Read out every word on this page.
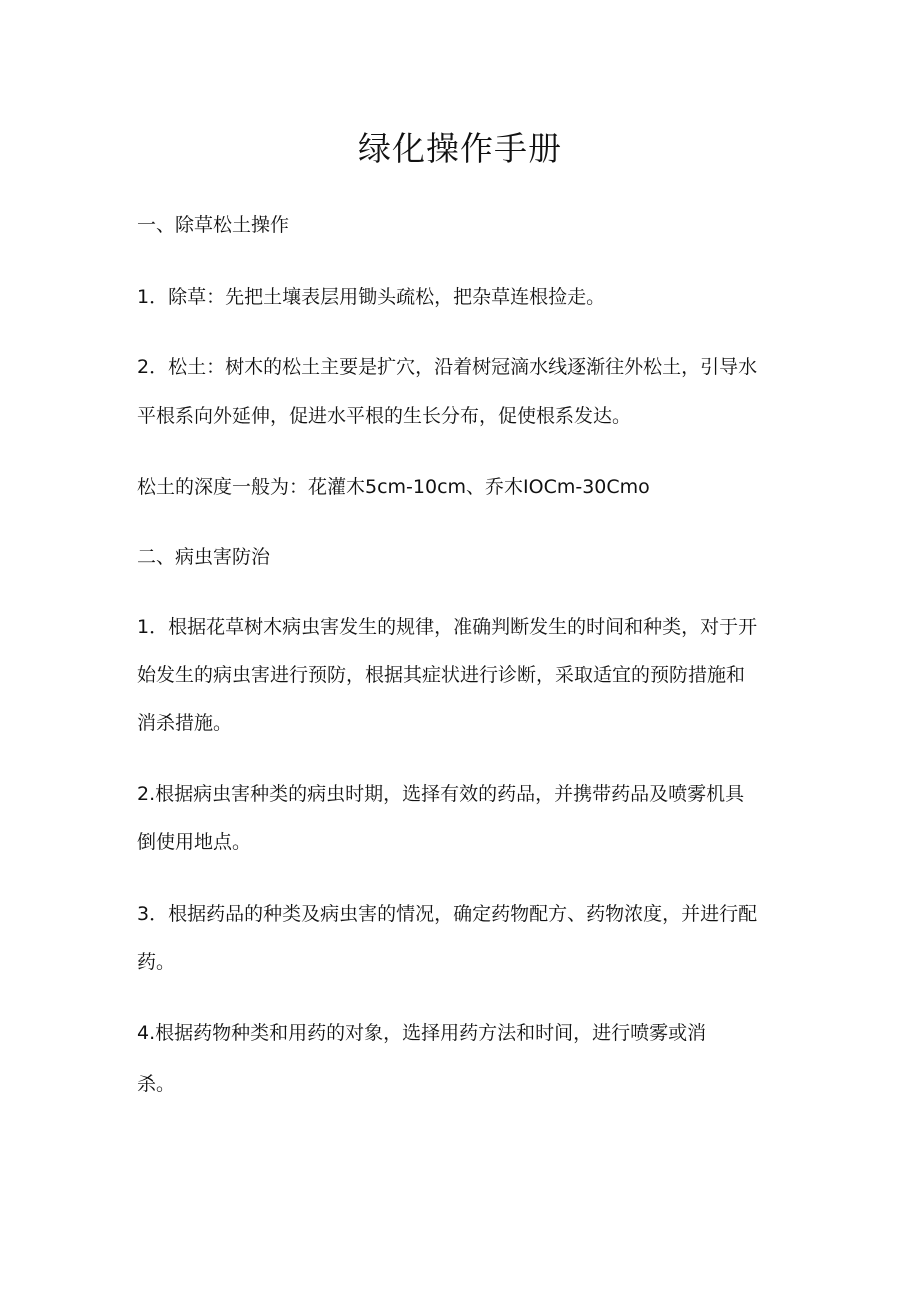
绿化操作手册
一、除草松土操作
1．除草：先把土壤表层用锄头疏松，把杂草连根捡走。
2．松土：树木的松土主要是扩穴，沿着树冠滴水线逐渐往外松土，引导水
平根系向外延伸，促进水平根的生长分布，促使根系发达。
松土的深度一般为：花灌木5cm-10cm、乔木IOCm-30Cmo
二、病虫害防治
1．根据花草树木病虫害发生的规律，准确判断发生的时间和种类，对于开
始发生的病虫害进行预防，根据其症状进行诊断，采取适宜的预防措施和
消杀措施。
2.根据病虫害种类的病虫时期，选择有效的药品，并携带药品及喷雾机具
倒使用地点。
3．根据药品的种类及病虫害的情况，确定药物配方、药物浓度，并进行配
药。
4.根据药物种类和用药的对象，选择用药方法和时间，进行喷雾或消
杀。
